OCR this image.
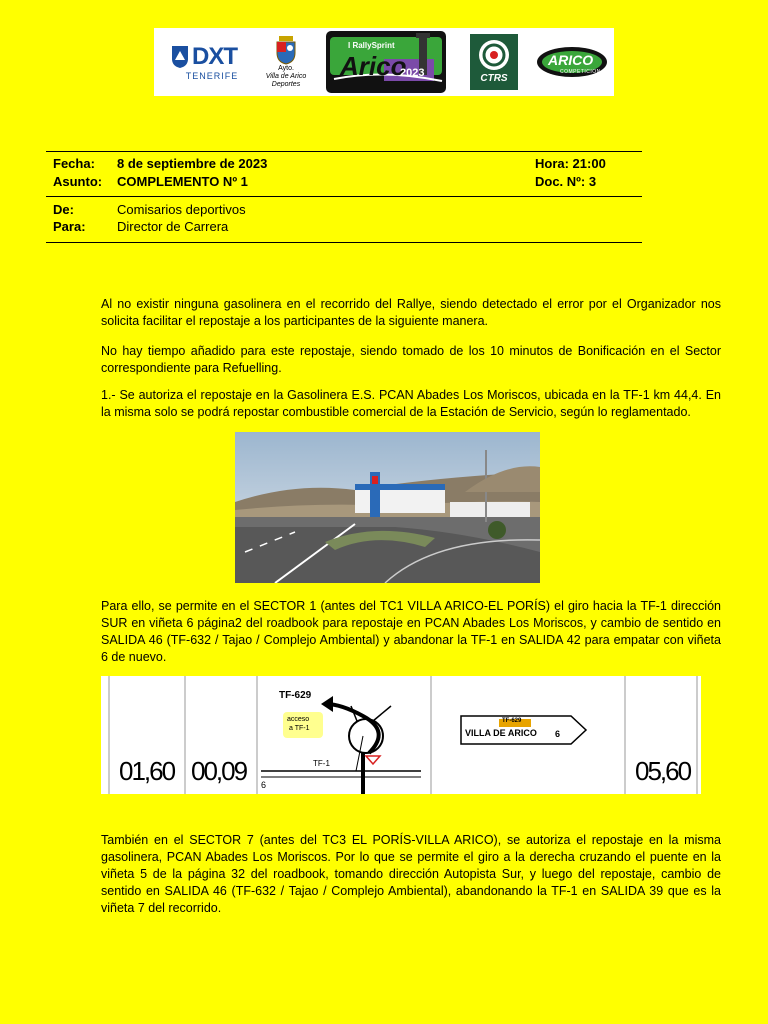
DXT
TENERIFE
Ayto.
Villa de Arico
Deportes
I RallySprint
Arico
2023	CTRS
ARICO
COMPETICION
Fecha: 8 de septiembre de 2023	Hora: 21:00
Asunto: COMPLEMENTO Nº 1	Doc. Nº: 3
De:	Comisarios deportivos
Para: Director de Carrera

Al no existir ninguna gasolinera en el recorrido del Rallye, siendo detectado el error por el Organizador nos solicita facilitar el repostaje a los participantes de la siguiente manera.

No hay tiempo añadido para este repostaje, siendo tomado de los 10 minutos de Bonificación en el Sector correspondiente para Refuelling.

1.- Se autoriza el repostaje en la Gasolinera E.S. PCAN Abades Los Moriscos, ubicada en la TF-1 km 44,4. En la misma solo se podrá repostar combustible comercial de la Estación de Servicio, según lo reglamentado.

Para ello, se permite en el SECTOR 1 (antes del TC1 VILLA ARICO-EL PORÍS) el giro hacia la TF-1 dirección SUR en viñeta 6 página2 del roadbook para repostaje en PCAN Abades Los Moriscos, y cambio de sentido en SALIDA 46 (TF-632 / Tajao / Complejo Ambiental) y abandonar la TF-1 en SALIDA 42 para empatar con viñeta 6 de nuevo.

01,60 00,09 6
TF-629
acceso
a TF-1
TF-1
TF-629
VILLA DE ARICO 6
05,60

También en el SECTOR 7 (antes del TC3 EL PORÍS-VILLA ARICO), se autoriza el repostaje en la misma gasolinera, PCAN Abades Los Moriscos. Por lo que se permite el giro a la derecha cruzando el puente en la viñeta 5 de la página 32 del roadbook, tomando dirección Autopista Sur, y luego del repostaje, cambio de sentido en SALIDA 46 (TF-632 / Tajao / Complejo Ambiental), abandonando la TF-1 en SALIDA 39 que es la viñeta 7 del recorrido.
